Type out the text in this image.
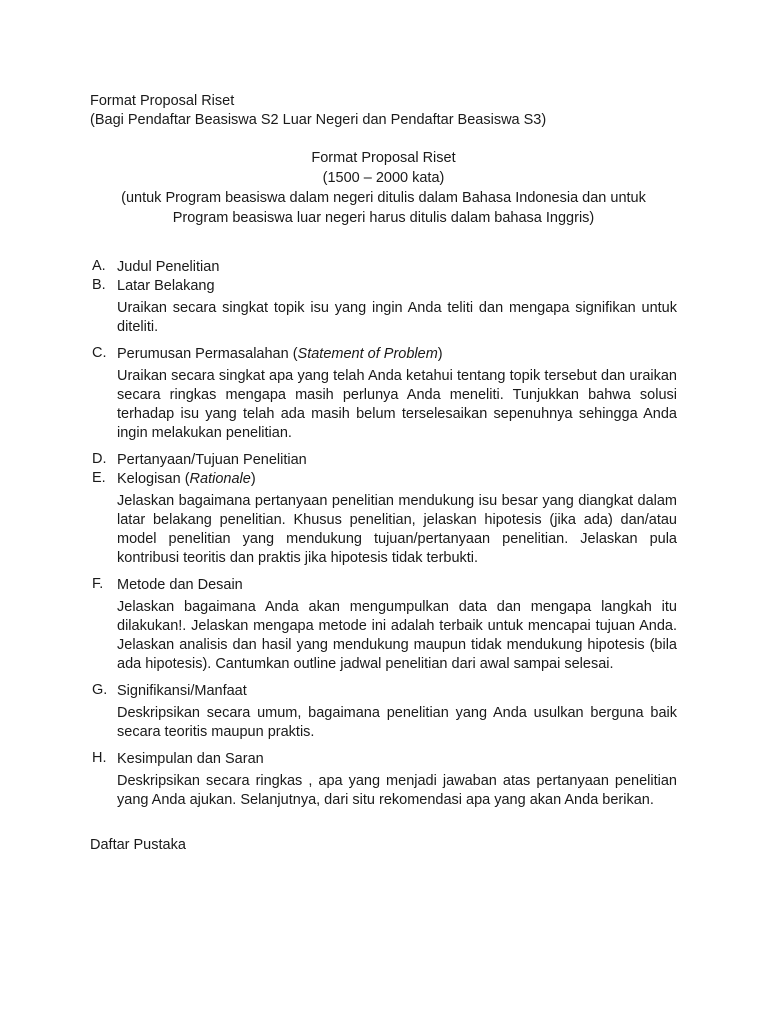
Format Proposal Riset
(Bagi Pendaftar Beasiswa S2 Luar Negeri dan Pendaftar Beasiswa S3)
Format Proposal Riset
(1500 – 2000 kata)
(untuk Program beasiswa dalam negeri ditulis dalam Bahasa Indonesia dan untuk Program beasiswa luar negeri harus ditulis dalam bahasa Inggris)
A. Judul Penelitian
B. Latar Belakang
Uraikan secara singkat topik isu yang ingin Anda teliti dan mengapa signifikan untuk diteliti.
C. Perumusan Permasalahan (Statement of Problem)
Uraikan secara singkat apa yang telah Anda ketahui tentang topik tersebut dan uraikan secara ringkas mengapa masih perlunya Anda meneliti. Tunjukkan bahwa solusi terhadap isu yang telah ada masih belum terselesaikan sepenuhnya sehingga Anda ingin melakukan penelitian.
D. Pertanyaan/Tujuan Penelitian
E. Kelogisan (Rationale)
Jelaskan bagaimana pertanyaan penelitian mendukung isu besar yang diangkat dalam latar belakang penelitian. Khusus penelitian, jelaskan hipotesis (jika ada) dan/atau model penelitian yang mendukung tujuan/pertanyaan penelitian. Jelaskan pula kontribusi teoritis dan praktis jika hipotesis tidak terbukti.
F. Metode dan Desain
Jelaskan bagaimana Anda akan mengumpulkan data dan mengapa langkah itu dilakukan!. Jelaskan mengapa metode ini adalah terbaik untuk mencapai tujuan Anda. Jelaskan analisis dan hasil yang mendukung maupun tidak mendukung hipotesis (bila ada hipotesis). Cantumkan outline jadwal penelitian dari awal sampai selesai.
G. Signifikansi/Manfaat
Deskripsikan secara umum, bagaimana penelitian yang Anda usulkan berguna baik secara teoritis maupun praktis.
H. Kesimpulan dan Saran
Deskripsikan secara ringkas , apa yang menjadi jawaban atas pertanyaan penelitian yang Anda ajukan. Selanjutnya, dari situ rekomendasi apa yang akan Anda berikan.
Daftar Pustaka
